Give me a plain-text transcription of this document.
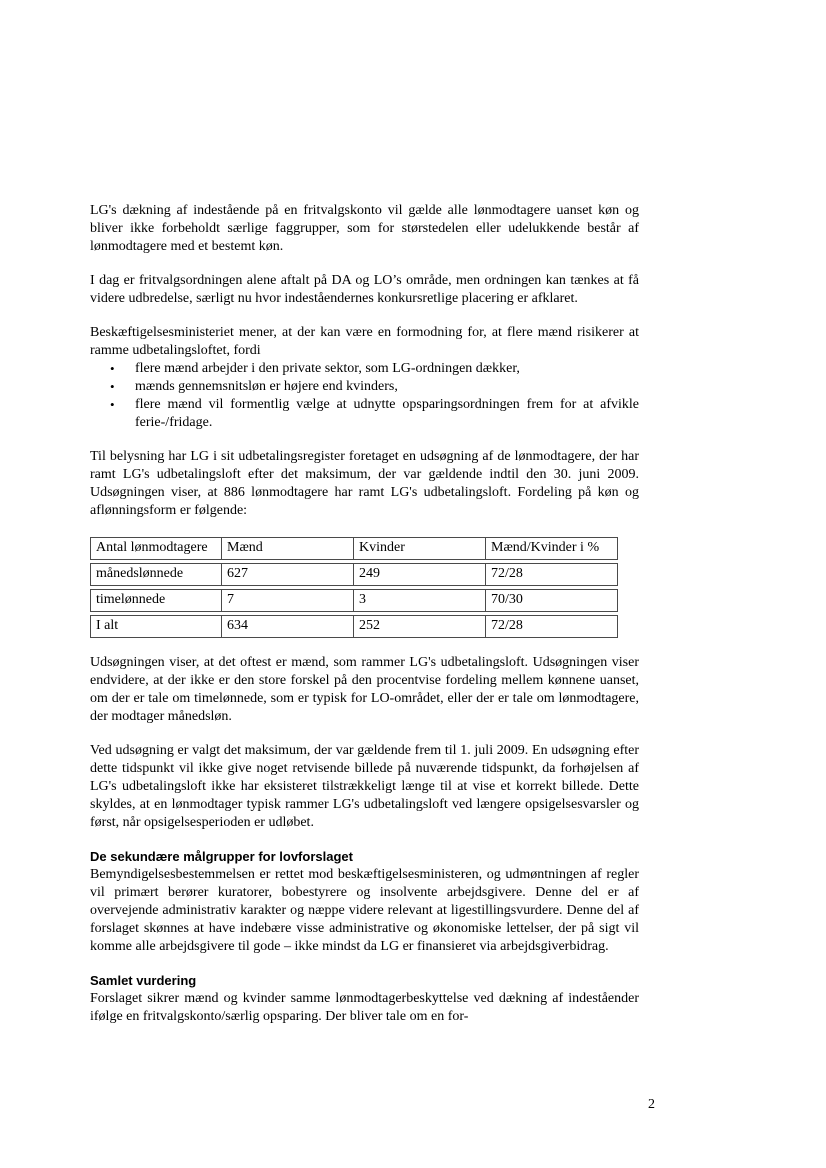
LG's dækning af indestående på en fritvalgskonto vil gælde alle lønmodtagere uanset køn og bliver ikke forbeholdt særlige faggrupper, som for størstedelen eller udelukkende består af lønmodtagere med et bestemt køn.

I dag er fritvalgsordningen alene aftalt på DA og LO’s område, men ordningen kan tænkes at få videre udbredelse, særligt nu hvor indeståendernes konkursretlige placering er afklaret.

Beskæftigelsesministeriet mener, at der kan være en formodning for, at flere mænd risikerer at ramme udbetalingsloftet, fordi

• flere mænd arbejder i den private sektor, som LG-ordningen dækker,
• mænds gennemsnitsløn er højere end kvinders,
• flere mænd vil formentlig vælge at udnytte opsparingsordningen frem for at afvikle ferie-/fridage.

Til belysning har LG i sit udbetalingsregister foretaget en udsøgning af de lønmodtagere, der har ramt LG's udbetalingsloft efter det maksimum, der var gældende indtil den 30. juni 2009. Udsøgningen viser, at 886 lønmodtagere har ramt LG's udbetalingsloft. Fordeling på køn og aflønningsform er følgende:

Antal lønmodtagere	Mænd	Kvinder	Mænd/Kvinder i %
månedslønnede	627	249	72/28
timelønnede	7	3	70/30
I alt	634	252	72/28

Udsøgningen viser, at det oftest er mænd, som rammer LG's udbetalingsloft. Udsøgningen viser endvidere, at der ikke er den store forskel på den procentvise fordeling mellem kønnene uanset, om der er tale om timelønnede, som er typisk for LO-området, eller der er tale om lønmodtagere, der modtager månedsløn.

Ved udsøgning er valgt det maksimum, der var gældende frem til 1. juli 2009. En udsøgning efter dette tidspunkt vil ikke give noget retvisende billede på nuværende tidspunkt, da forhøjelsen af LG's udbetalingsloft ikke har eksisteret tilstrækkeligt længe til at vise et korrekt billede. Dette skyldes, at en lønmodtager typisk rammer LG's udbetalingsloft ved længere opsigelsesvarsler og først, når opsigelsesperioden er udløbet.

De sekundære målgrupper for lovforslaget

Bemyndigelsesbestemmelsen er rettet mod beskæftigelsesministeren, og udmøntningen af regler vil primært berører kuratorer, bobestyrere og insolvente arbejdsgivere. Denne del er af overvejende administrativ karakter og næppe videre relevant at ligestillingsvurdere. Denne del af forslaget skønnes at have indebære visse administrative og økonomiske lettelser, der på sigt vil komme alle arbejdsgivere til gode – ikke mindst da LG er finansieret via arbejdsgiverbidrag.

Samlet vurdering

Forslaget sikrer mænd og kvinder samme lønmodtagerbeskyttelse ved dækning af indeståender ifølge en fritvalgskonto/særlig opsparing. Der bliver tale om en for-

2
